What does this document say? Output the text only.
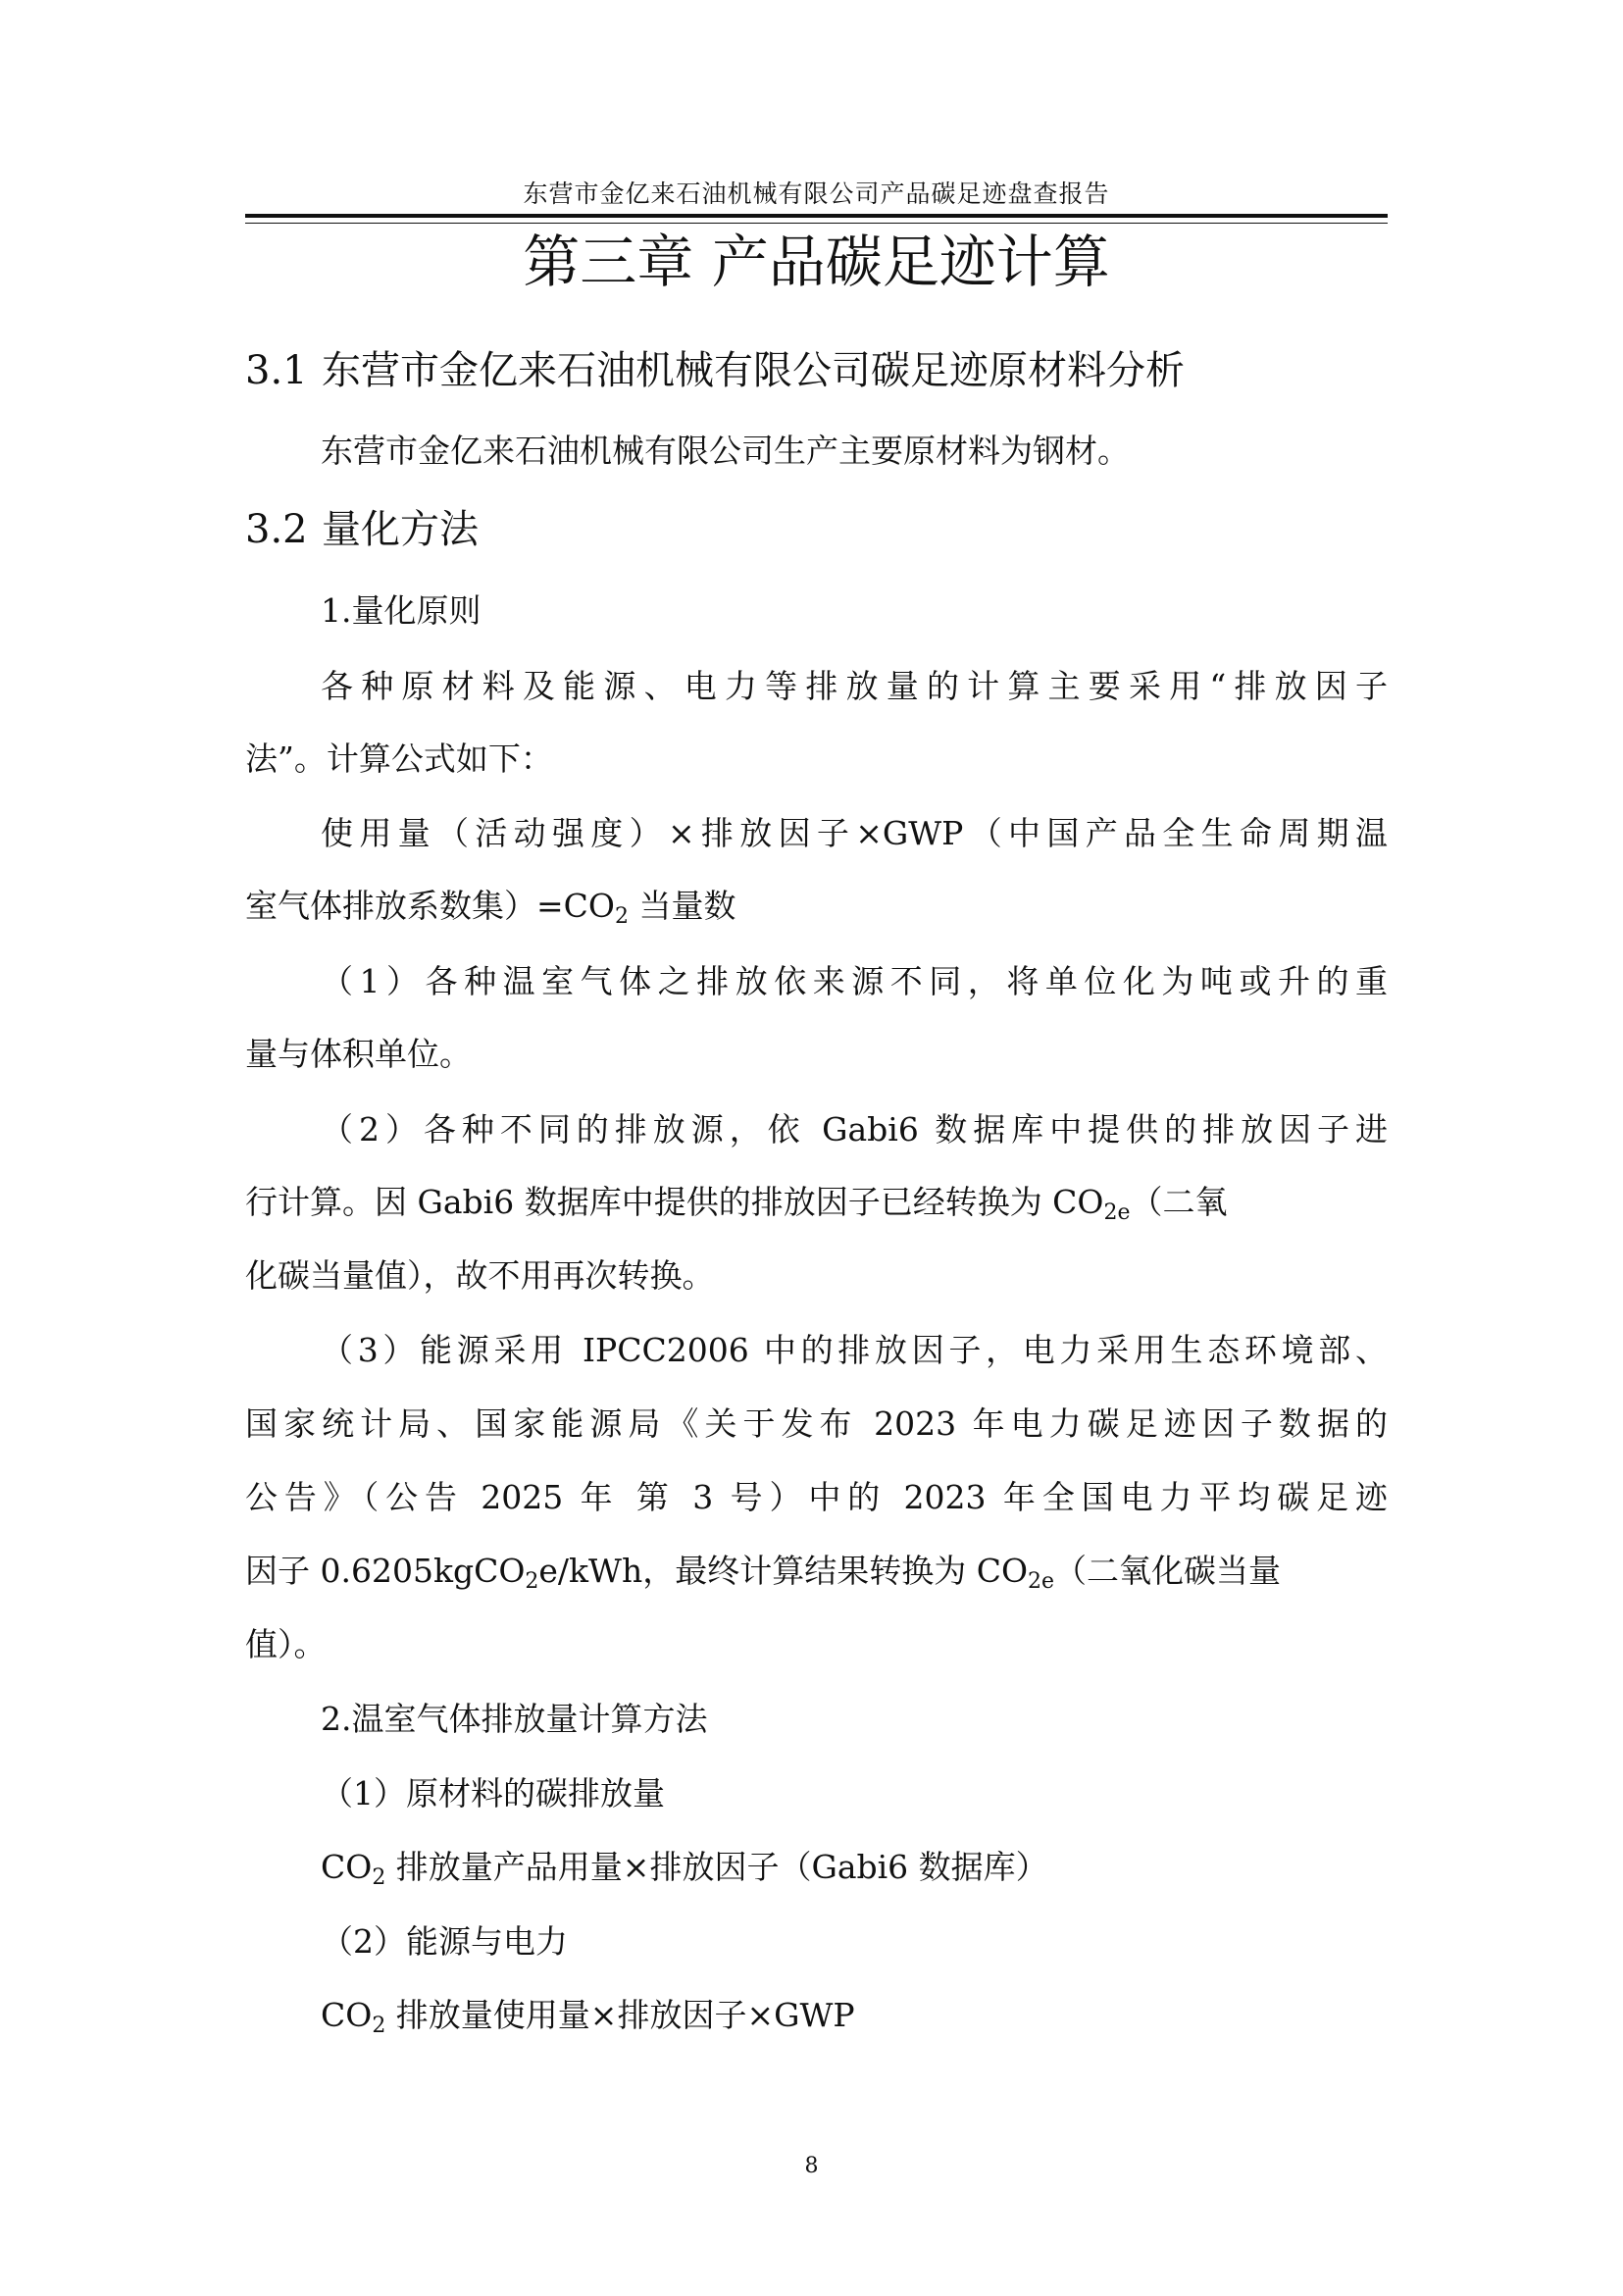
东营市金亿来石油机械有限公司产品碳足迹盘查报告
第三章 产品碳足迹计算
3.1 东营市金亿来石油机械有限公司碳足迹原材料分析
东营市金亿来石油机械有限公司生产主要原材料为钢材。
3.2 量化方法
1.量化原则
各种原材料及能源、电力等排放量的计算主要采用“排放因子
法”。计算公式如下：
使用量（活动强度）×排放因子×GWP（中国产品全生命周期温
室气体排放系数集）$=CO_2$ 当量数
（1）各种温室气体之排放依来源不同，将单位化为吨或升的重
量与体积单位。
（2）各种不同的排放源，依 Gabi6 数据库中提供的排放因子进
行计算。因 Gabi6 数据库中提供的排放因子已经转换为 $CO_{2e}$（二氧
化碳当量值），故不用再次转换。
（3）能源采用 IPCC2006 中的排放因子，电力采用生态环境部、
国家统计局、国家能源局《关于发布 2023 年电力碳足迹因子数据的
公告》（公告 2025 年 第 3 号）中的 2023 年全国电力平均碳足迹
因子 0.6205kgCO$_2$e/kWh，最终计算结果转换为 $CO_{2e}$（二氧化碳当量
值）。
2.温室气体排放量计算方法
（1）原材料的碳排放量
$CO_2$ 排放量产品用量×排放因子（Gabi6 数据库）
（2）能源与电力
$CO_2$ 排放量使用量×排放因子×GWP
8
